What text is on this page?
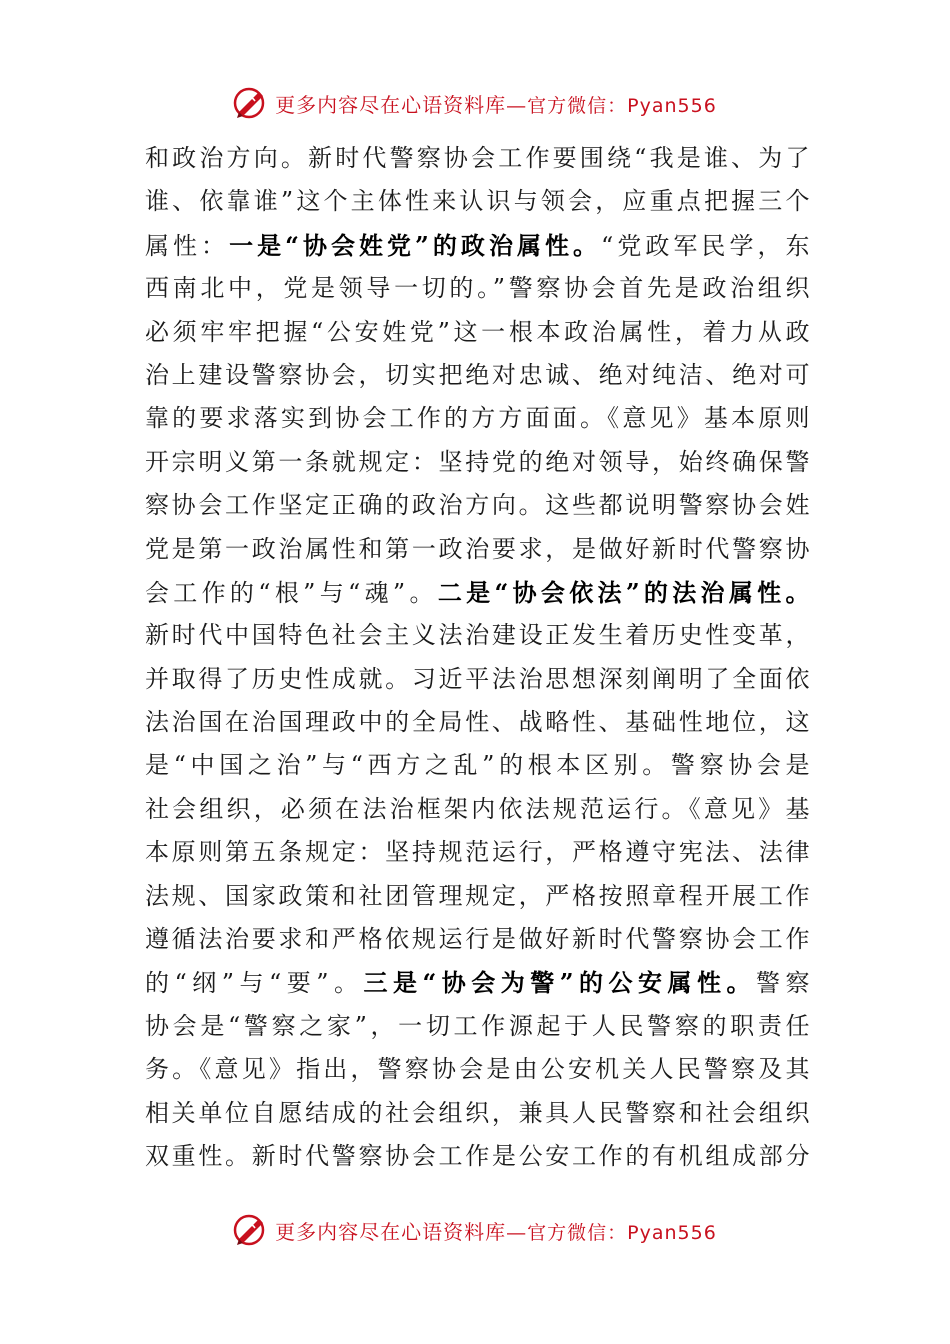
更多内容尽在心语资料库—官方微信：Pyan556
和政治方向。新时代警察协会工作要围绕“我是谁、为了
谁、依靠谁”这个主体性来认识与领会，应重点把握三个
属性：一是“协会姓党”的政治属性。“党政军民学，东
西南北中，党是领导一切的。”警察协会首先是政治组织
必须牢牢把握“公安姓党”这一根本政治属性，着力从政
治上建设警察协会，切实把绝对忠诚、绝对纯洁、绝对可
靠的要求落实到协会工作的方方面面。《意见》基本原则
开宗明义第一条就规定：坚持党的绝对领导，始终确保警
察协会工作坚定正确的政治方向。这些都说明警察协会姓
党是第一政治属性和第一政治要求，是做好新时代警察协
会工作的“根”与“魂”。二是“协会依法”的法治属性。
新时代中国特色社会主义法治建设正发生着历史性变革，
并取得了历史性成就。习近平法治思想深刻阐明了全面依
法治国在治国理政中的全局性、战略性、基础性地位，这
是“中国之治”与“西方之乱”的根本区别。警察协会是
社会组织，必须在法治框架内依法规范运行。《意见》基
本原则第五条规定：坚持规范运行，严格遵守宪法、法律
法规、国家政策和社团管理规定，严格按照章程开展工作
遵循法治要求和严格依规运行是做好新时代警察协会工作
的“纲”与“要”。三是“协会为警”的公安属性。警察
协会是“警察之家”，一切工作源起于人民警察的职责任
务。《意见》指出，警察协会是由公安机关人民警察及其
相关单位自愿结成的社会组织，兼具人民警察和社会组织
双重性。新时代警察协会工作是公安工作的有机组成部分
更多内容尽在心语资料库—官方微信：Pyan556
